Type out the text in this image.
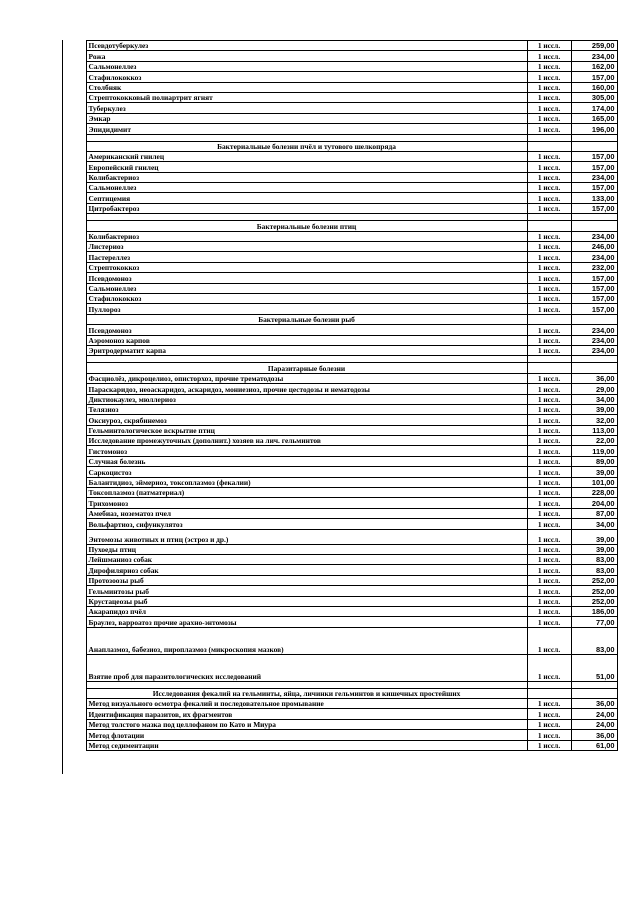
	Псевдотуберкулез	1 иссл.	259,00
	Рожа	1 иссл.	234,00
	Сальмонеллез	1 иссл.	162,00
	Стафилококкоз	1 иссл.	157,00
	Столбняк	1 иссл.	160,00
	Стрептококковый полиартрит ягнят	1 иссл.	305,00
	Туберкулез	1 иссл.	174,00
	Эмкар	1 иссл.	165,00
	Эпидидимит	1 иссл.	196,00

	Бактериальные болезни пчёл и тутового шелкопряда		
	Американский гнилец	1 иссл.	157,00
	Европейский гнилец	1 иссл.	157,00
	Колибактериоз	1 иссл.	234,00
	Сальмонеллез	1 иссл.	157,00
	Септицемия	1 иссл.	133,00
	Цитробактероз	1 иссл.	157,00

	Бактериальные болезни птиц		
	Колибактериоз	1 иссл.	234,00
	Листериоз	1 иссл.	246,00
	Пастереллез	1 иссл.	234,00
	Стрептококкоз	1 иссл.	232,00
	Псевдомоноз	1 иссл.	157,00
	Сальмонеллез	1 иссл.	157,00
	Стафилококкоз	1 иссл.	157,00
	Пуллороз	1 иссл.	157,00
	Бактериальные болезни рыб		
	Псевдомоноз	1 иссл.	234,00
	Аэромоноз карпов	1 иссл.	234,00
	Эритродерматит карпа	1 иссл.	234,00

	Паразитарные болезни		
	Фасциолёз, дикроцелиоз, описторхоз, прочие трематодозы	1 иссл.	36,00
	Параскаридоз, неоаскаридоз, аскаридоз, мониезиоз, прочие цестодозы и нематодозы	1 иссл.	29,00
	Диктиокаулез, мюллериоз	1 иссл.	34,00
	Телязиоз	1 иссл.	39,00
	Оксиуроз, скрябинемоз	1 иссл.	32,00
	Гельминтологическое вскрытие птиц	1 иссл.	113,00
	Исследование промежуточных (дополнит.) хозяев на лич. гельминтов	1 иссл.	22,00
	Гистомоноз	1 иссл.	119,00
	Случная болезнь	1 иссл.	89,00
	Саркоцистоз	1 иссл.	39,00
	Балантидиоз, эймериоз, токсоплазмоз (фекалии)	1 иссл.	101,00
	Токсоплазмоз (патматериал)	1 иссл.	228,00
	Трихомоноз	1 иссл.	204,00
	Амебиаз, нозематоз пчел	1 иссл.	87,00
	Вольфартиоз, сифункулятоз	1 иссл.	34,00
	Энтомозы животных и птиц (эстроз и др.)	1 иссл.	39,00
	Пухоеды птиц	1 иссл.	39,00
	Лейшманиоз собак	1 иссл.	83,00
	Дирофиляриоз собак	1 иссл.	83,00
	Протозоозы рыб	1 иссл.	252,00
	Гельминтозы рыб	1 иссл.	252,00
	Крустацеозы рыб	1 иссл.	252,00
	Акарапидоз пчёл	1 иссл.	186,00
	Браулез, варроатоз прочие арахно-энтомозы	1 иссл.	77,00
	Анаплазмоз, бабезиоз, пироплазмоз (микроскопия мазков)	1 иссл.	83,00
	Взятие проб для паразитологических исследований	1 иссл.	51,00

	Исследования фекалий на гельминты, яйца, личинки гельминтов и кишечных простейших		
	Метод визуального осмотра фекалий и последовательное промывание	1 иссл.	36,00
	Идентификация паразитов, их фрагментов	1 иссл.	24,00
	Метод толстого мазка под целлофаном по Като и Миура	1 иссл.	24,00
	Метод флотации	1 иссл.	36,00
	Метод седиментации	1 иссл.	61,00
